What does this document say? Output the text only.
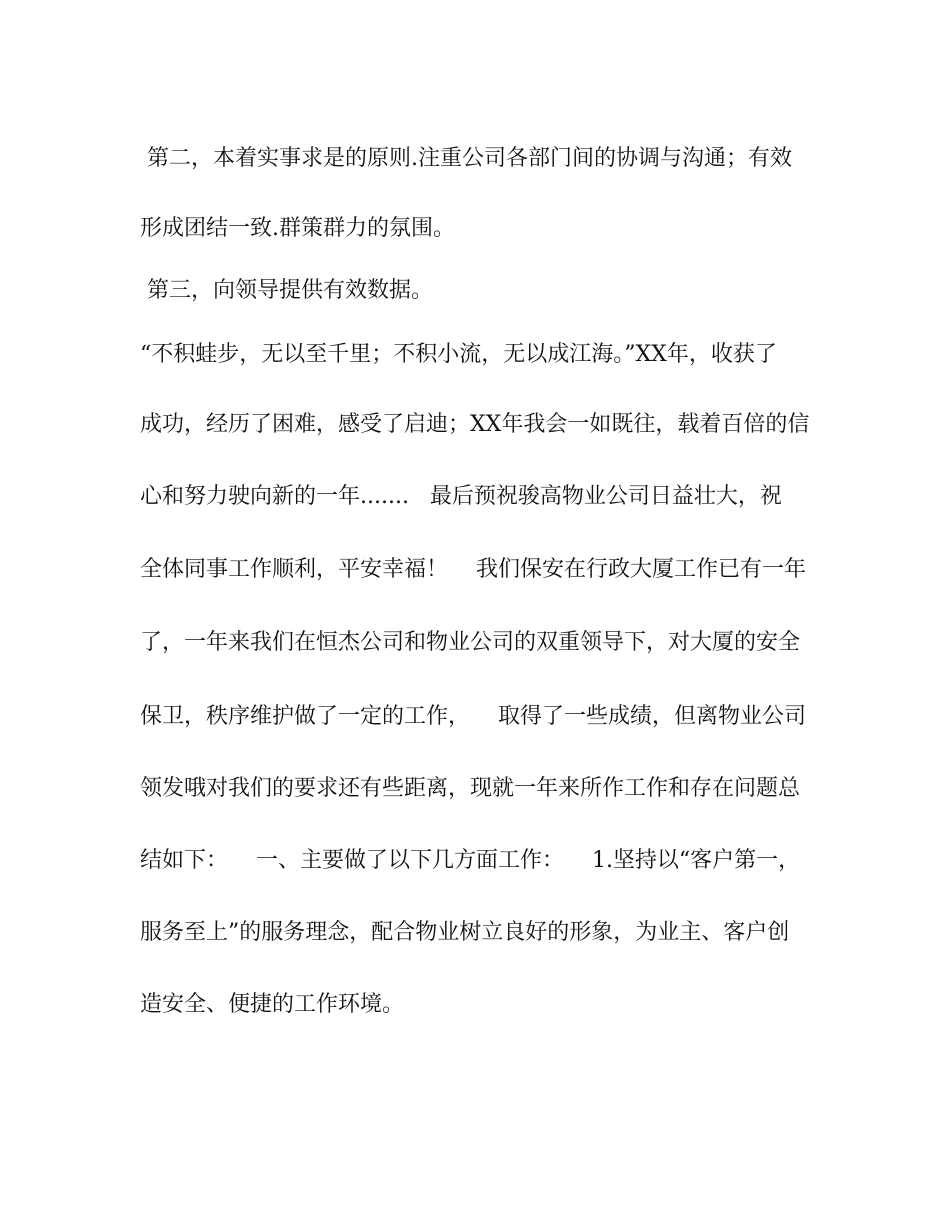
第二，本着实事求是的原则.注重公司各部门间的协调与沟通；有效
形成团结一致.群策群力的氛围。
第三，向领导提供有效数据。
“不积蛙步，无以至千里；不积小流，无以成江海。”XX年，收获了
成功，经历了困难，感受了启迪；XX年我会一如既往，载着百倍的信
心和努力驶向新的一年.......   最后预祝骏高物业公司日益壮大，祝
全体同事工作顺利，平安幸福！    我们保安在行政大厦工作已有一年
了，一年来我们在恒杰公司和物业公司的双重领导下，对大厦的安全
保卫，秩序维护做了一定的工作，    取得了一些成绩，但离物业公司
领发哦对我们的要求还有些距离，现就一年来所作工作和存在问题总
结如下：    一、主要做了以下几方面工作：    1.坚持以“客户第一，
服务至上”的服务理念，配合物业树立良好的形象，为业主、客户创
造安全、便捷的工作环境。
